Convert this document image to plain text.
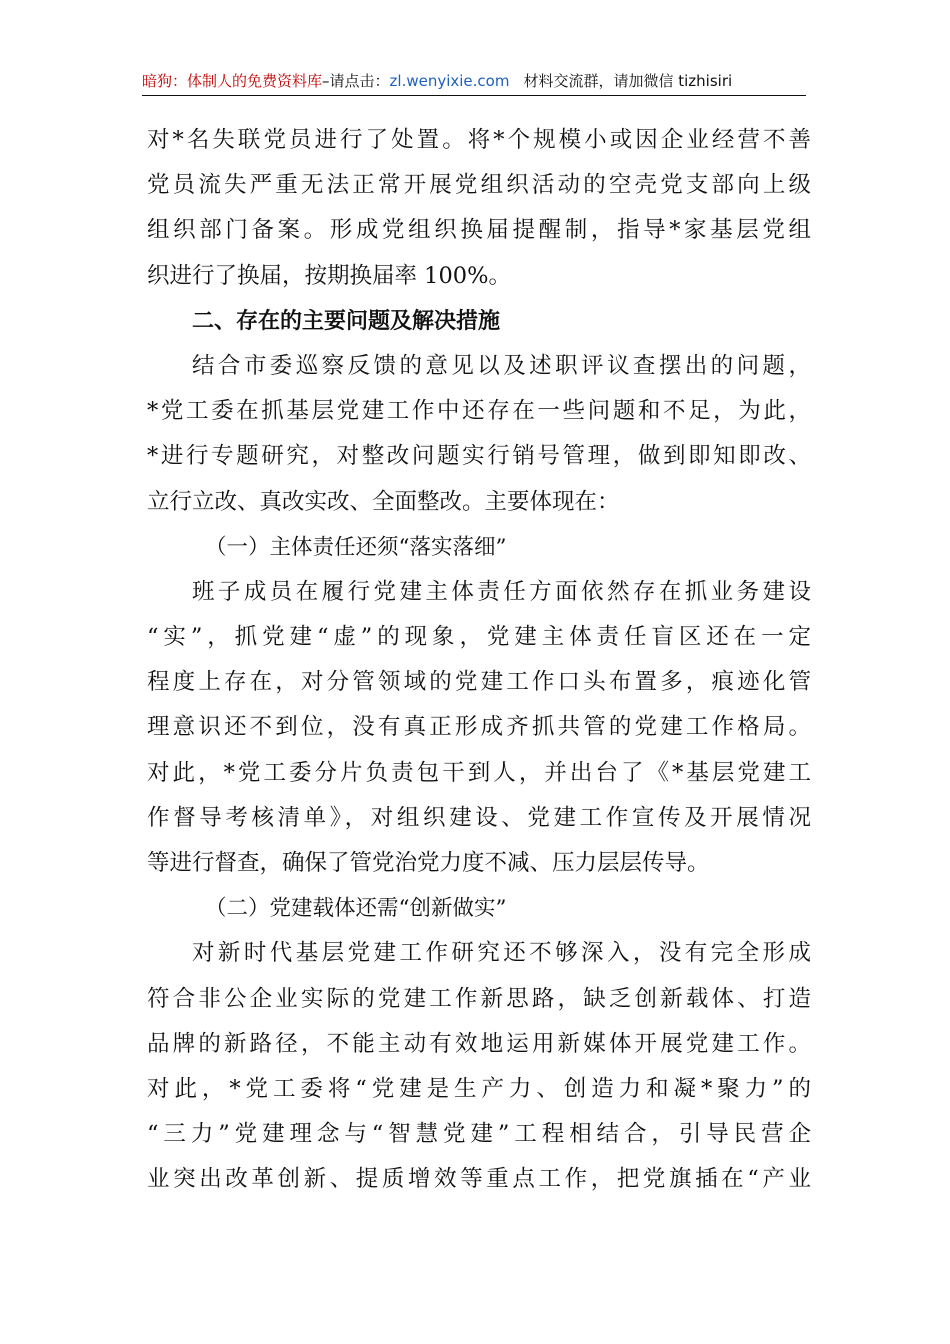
暗狗：体制人的免费资料库–请点击：zl.wenyixie.com 材料交流群，请加微信 tizhisiri
对*名失联党员进行了处置。将*个规模小或因企业经营不善
党员流失严重无法正常开展党组织活动的空壳党支部向上级
组织部门备案。形成党组织换届提醒制，指导*家基层党组
织进行了换届，按期换届率 100%。
二、存在的主要问题及解决措施
结合市委巡察反馈的意见以及述职评议查摆出的问题，
*党工委在抓基层党建工作中还存在一些问题和不足，为此，
*进行专题研究，对整改问题实行销号管理，做到即知即改、
立行立改、真改实改、全面整改。主要体现在：
（一）主体责任还须“落实落细”
班子成员在履行党建主体责任方面依然存在抓业务建设
“实”，抓党建“虚”的现象，党建主体责任盲区还在一定
程度上存在，对分管领域的党建工作口头布置多，痕迹化管
理意识还不到位，没有真正形成齐抓共管的党建工作格局。
对此，*党工委分片负责包干到人，并出台了《*基层党建工
作督导考核清单》，对组织建设、党建工作宣传及开展情况
等进行督查，确保了管党治党力度不减、压力层层传导。
（二）党建载体还需“创新做实”
对新时代基层党建工作研究还不够深入，没有完全形成
符合非公企业实际的党建工作新思路，缺乏创新载体、打造
品牌的新路径，不能主动有效地运用新媒体开展党建工作。
对此，*党工委将“党建是生产力、创造力和凝*聚力”的
“三力”党建理念与“智慧党建”工程相结合，引导民营企
业突出改革创新、提质增效等重点工作，把党旗插在“产业
